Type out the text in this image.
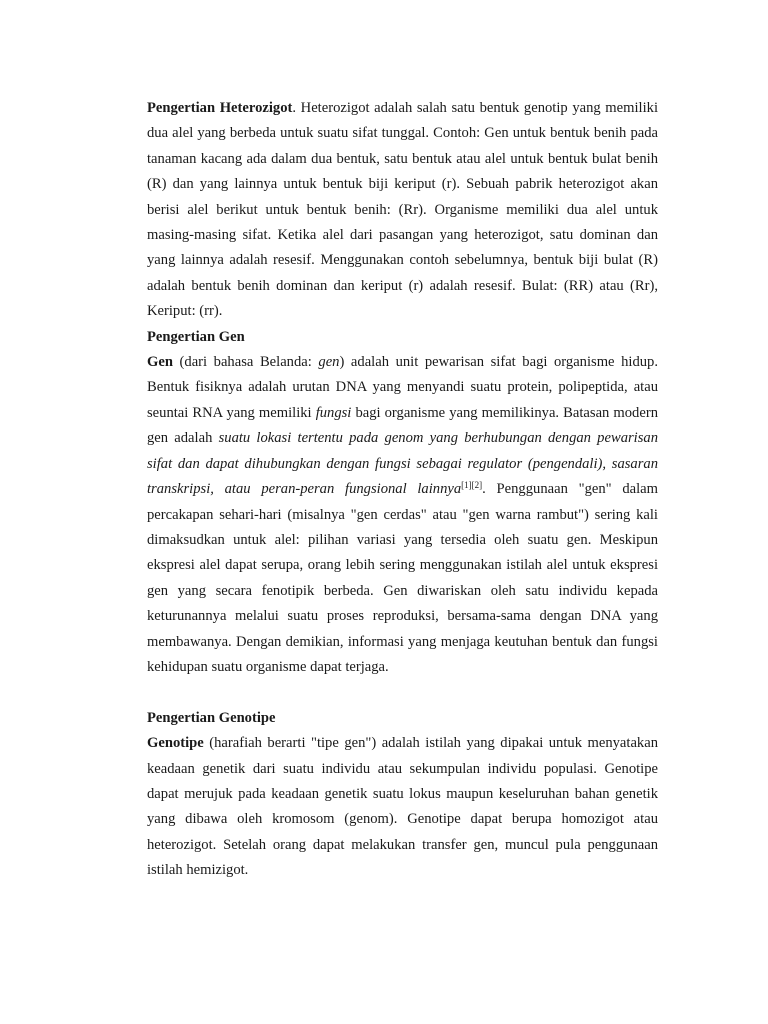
Pengertian Heterozigot. Heterozigot adalah salah satu bentuk genotip yang memiliki dua alel yang berbeda untuk suatu sifat tunggal. Contoh: Gen untuk bentuk benih pada tanaman kacang ada dalam dua bentuk, satu bentuk atau alel untuk bentuk bulat benih (R) dan yang lainnya untuk bentuk biji keriput (r). Sebuah pabrik heterozigot akan berisi alel berikut untuk bentuk benih: (Rr). Organisme memiliki dua alel untuk masing-masing sifat. Ketika alel dari pasangan yang heterozigot, satu dominan dan yang lainnya adalah resesif. Menggunakan contoh sebelumnya, bentuk biji bulat (R) adalah bentuk benih dominan dan keriput (r) adalah resesif. Bulat: (RR) atau (Rr), Keriput: (rr).

Pengertian Gen

Gen (dari bahasa Belanda: gen) adalah unit pewarisan sifat bagi organisme hidup. Bentuk fisiknya adalah urutan DNA yang menyandi suatu protein, polipeptida, atau seuntai RNA yang memiliki fungsi bagi organisme yang memilikinya. Batasan modern gen adalah suatu lokasi tertentu pada genom yang berhubungan dengan pewarisan sifat dan dapat dihubungkan dengan fungsi sebagai regulator (pengendali), sasaran transkripsi, atau peran-peran fungsional lainnya[1][2]. Penggunaan "gen" dalam percakapan sehari-hari (misalnya "gen cerdas" atau "gen warna rambut") sering kali dimaksudkan untuk alel: pilihan variasi yang tersedia oleh suatu gen. Meskipun ekspresi alel dapat serupa, orang lebih sering menggunakan istilah alel untuk ekspresi gen yang secara fenotipik berbeda. Gen diwariskan oleh satu individu kepada keturunannya melalui suatu proses reproduksi, bersama-sama dengan DNA yang membawanya. Dengan demikian, informasi yang menjaga keutuhan bentuk dan fungsi kehidupan suatu organisme dapat terjaga.

Pengertian Genotipe

Genotipe (harafiah berarti "tipe gen") adalah istilah yang dipakai untuk menyatakan keadaan genetik dari suatu individu atau sekumpulan individu populasi. Genotipe dapat merujuk pada keadaan genetik suatu lokus maupun keseluruhan bahan genetik yang dibawa oleh kromosom (genom). Genotipe dapat berupa homozigot atau heterozigot. Setelah orang dapat melakukan transfer gen, muncul pula penggunaan istilah hemizigot.
